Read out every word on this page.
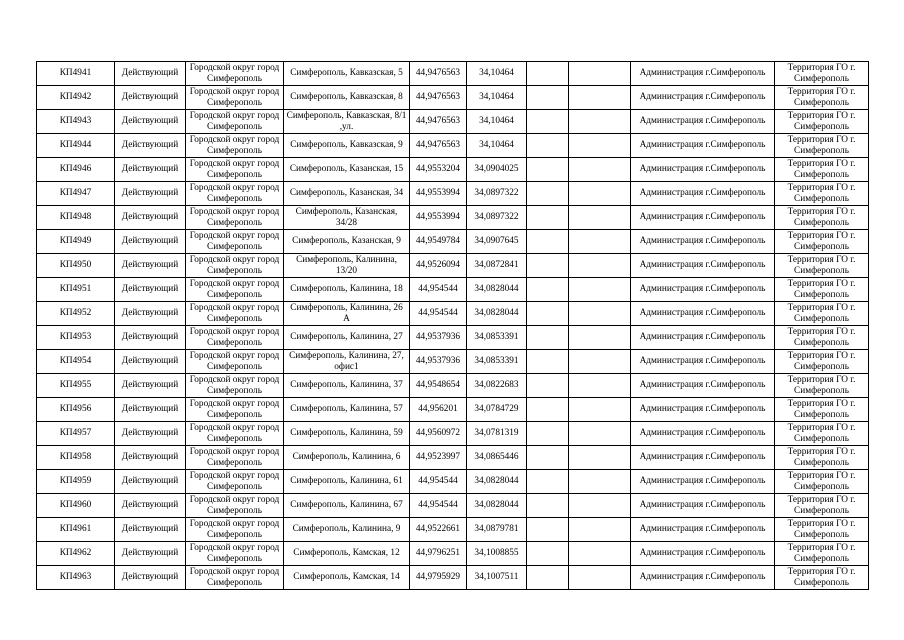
КП4941	Действующий	Городской округ город Симферополь	Симферополь, Кавказская, 5	44,9476563	34,10464			Администрация г.Симферополь	Территория ГО г. Симферополь
КП4942	Действующий	Городской округ город Симферополь	Симферополь, Кавказская, 8	44,9476563	34,10464			Администрация г.Симферополь	Территория ГО г. Симферополь
КП4943	Действующий	Городской округ город Симферополь	Симферополь, Кавказская, 8/1 ,ул.	44,9476563	34,10464			Администрация г.Симферополь	Территория ГО г. Симферополь
КП4944	Действующий	Городской округ город Симферополь	Симферополь, Кавказская, 9	44,9476563	34,10464			Администрация г.Симферополь	Территория ГО г. Симферополь
КП4946	Действующий	Городской округ город Симферополь	Симферополь, Казанская, 15	44,9553204	34,0904025			Администрация г.Симферополь	Территория ГО г. Симферополь
КП4947	Действующий	Городской округ город Симферополь	Симферополь, Казанская, 34	44,9553994	34,0897322			Администрация г.Симферополь	Территория ГО г. Симферополь
КП4948	Действующий	Городской округ город Симферополь	Симферополь, Казанская, 34/28	44,9553994	34,0897322			Администрация г.Симферополь	Территория ГО г. Симферополь
КП4949	Действующий	Городской округ город Симферополь	Симферополь, Казанская, 9	44,9549784	34,0907645			Администрация г.Симферополь	Территория ГО г. Симферополь
КП4950	Действующий	Городской округ город Симферополь	Симферополь, Калинина, 13/20	44,9526094	34,0872841			Администрация г.Симферополь	Территория ГО г. Симферополь
КП4951	Действующий	Городской округ город Симферополь	Симферополь, Калинина, 18	44,954544	34,0828044			Администрация г.Симферополь	Территория ГО г. Симферополь
КП4952	Действующий	Городской округ город Симферополь	Симферополь, Калинина, 26 А	44,954544	34,0828044			Администрация г.Симферополь	Территория ГО г. Симферополь
КП4953	Действующий	Городской округ город Симферополь	Симферополь, Калинина, 27	44,9537936	34,0853391			Администрация г.Симферополь	Территория ГО г. Симферополь
КП4954	Действующий	Городской округ город Симферополь	Симферополь, Калинина, 27, офис1	44,9537936	34,0853391			Администрация г.Симферополь	Территория ГО г. Симферополь
КП4955	Действующий	Городской округ город Симферополь	Симферополь, Калинина, 37	44,9548654	34,0822683			Администрация г.Симферополь	Территория ГО г. Симферополь
КП4956	Действующий	Городской округ город Симферополь	Симферополь, Калинина, 57	44,956201	34,0784729			Администрация г.Симферополь	Территория ГО г. Симферополь
КП4957	Действующий	Городской округ город Симферополь	Симферополь, Калинина, 59	44,9560972	34,0781319			Администрация г.Симферополь	Территория ГО г. Симферополь
КП4958	Действующий	Городской округ город Симферополь	Симферополь, Калинина, 6	44,9523997	34,0865446			Администрация г.Симферополь	Территория ГО г. Симферополь
КП4959	Действующий	Городской округ город Симферополь	Симферополь, Калинина, 61	44,954544	34,0828044			Администрация г.Симферополь	Территория ГО г. Симферополь
КП4960	Действующий	Городской округ город Симферополь	Симферополь, Калинина, 67	44,954544	34,0828044			Администрация г.Симферополь	Территория ГО г. Симферополь
КП4961	Действующий	Городской округ город Симферополь	Симферополь, Калинина, 9	44,9522661	34,0879781			Администрация г.Симферополь	Территория ГО г. Симферополь
КП4962	Действующий	Городской округ город Симферополь	Симферополь, Камская, 12	44,9796251	34,1008855			Администрация г.Симферополь	Территория ГО г. Симферополь
КП4963	Действующий	Городской округ город Симферополь	Симферополь, Камская, 14	44,9795929	34,1007511			Администрация г.Симферополь	Территория ГО г. Симферополь
